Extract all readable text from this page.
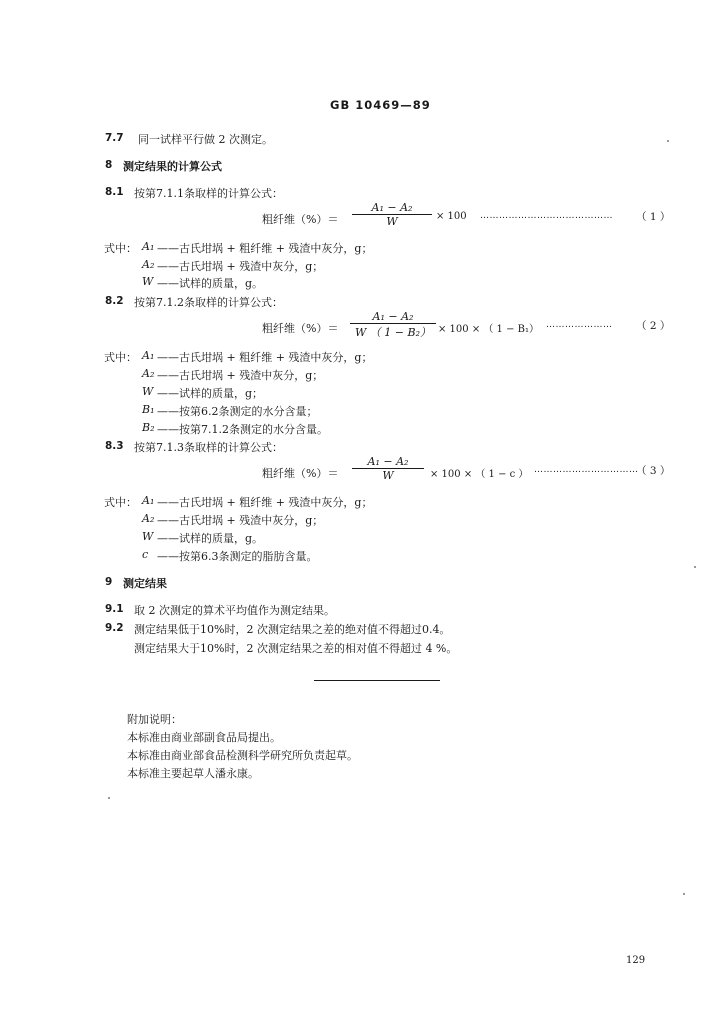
GB 10469—89
7.7 同一试样平行做 2 次测定。
8 测定结果的计算公式
8.1 按第7.1.1条取样的计算公式：
粗纤维（%）＝
A₁ − A₂
W	× 100 …………………………………… （ 1 ）
式中： A₁ ——古氏坩埚 + 粗纤维 + 残渣中灰分，g；
A₂ ——古氏坩埚 + 残渣中灰分，g；
W ——试样的质量，g。
8.2 按第7.1.2条取样的计算公式：
粗纤维（%）＝
A₁ − A₂
W （ 1 − B₂） × 100 × （ 1 − B₁） ………………… （ 2 ）
式中： A₁ ——古氏坩埚 + 粗纤维 + 残渣中灰分，g；
A₂ ——古氏坩埚 + 残渣中灰分，g；
W ——试样的质量，g；
B₁ ——按第6.2条测定的水分含量；
B₂ ——按第7.1.2条测定的水分含量。
8.3 按第7.1.3条取样的计算公式：
粗纤维（%）＝
A₁ − A₂
W	× 100 × （ 1 − c ） ……………………………
（ 3 ）
式中： A₁ ——古氏坩埚 + 粗纤维 + 残渣中灰分，g；
A₂ ——古氏坩埚 + 残渣中灰分，g；
W ——试样的质量，g。
c ——按第6.3条测定的脂肪含量。
9 测定结果
9.1 取 2 次测定的算术平均值作为测定结果。
9.2 测定结果低于10%时，2 次测定结果之差的绝对值不得超过0.4。
测定结果大于10%时，2 次测定结果之差的相对值不得超过 4 %。
附加说明：
本标准由商业部副食品局提出。
本标准由商业部食品检测科学研究所负责起草。
本标准主要起草人潘永康。
129
